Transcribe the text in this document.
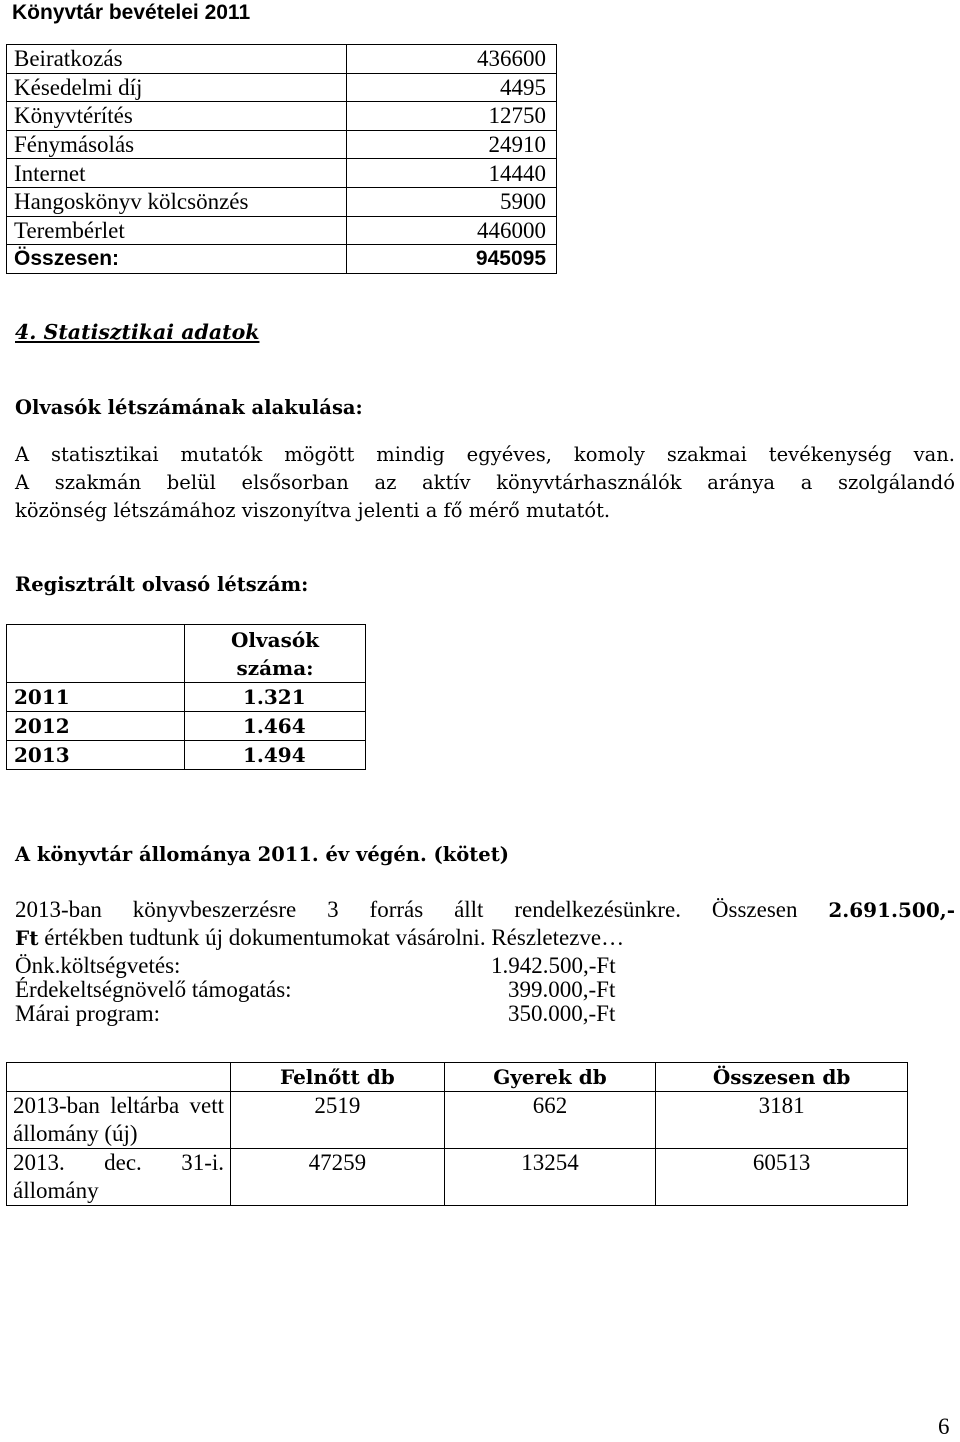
Könyvtár bevételei 2011
Beiratkozás	436600
Késedelmi díj	4495
Könyvtérítés	12750
Fénymásolás	24910
Internet	14440
Hangoskönyv kölcsönzés	5900
Terembérlet	446000
Összesen:	945095
4. Statisztikai adatok
Olvasók létszámának alakulása:
A statisztikai mutatók mögött mindig egyéves, komoly szakmai tevékenység van.
A szakmán belül elsősorban az aktív könyvtárhasználók aránya a szolgálandó
közönség létszámához viszonyítva jelenti a fő mérő mutatót.
Regisztrált olvasó létszám:

	Olvasók
száma:

2011	1.321
2012	1.464
2013	1.494
A könyvtár állománya 2011. év végén. (kötet)
2013-ban könyvbeszerzésre 3 forrás állt rendelkezésünkre. Összesen 2.691.500,-
Ft értékben tudtunk új dokumentumokat vásárolni. Részletezve…
Önk.költségvetés:	1.942.500,-Ft
Érdekeltségnövelő támogatás:	399.000,-Ft
Márai program:	350.000,-Ft
	Felnőtt db	Gyerek db	Összesen db
2013-ban leltárba vett állomány (új)	2519	662	3181
2013. dec. 31-i. állomány	47259	13254	60513
6
